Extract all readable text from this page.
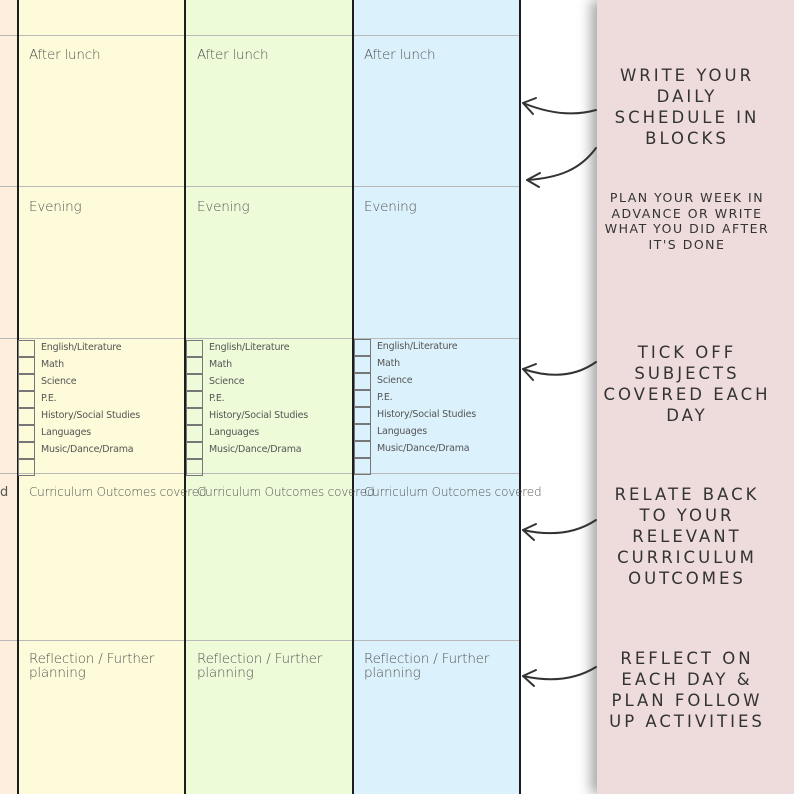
d
After lunch
Evening
Curriculum Outcomes covered
Reflection / Further
planning
After lunch
Evening
Curriculum Outcomes covered
Reflection / Further
planning
After lunch
Evening
Curriculum Outcomes covered
Reflection / Further
planning
English/Literature
Math
Science
P.E.
History/Social Studies
Languages
Music/Dance/Drama
English/Literature
Math
Science
P.E.
History/Social Studies
Languages
Music/Dance/Drama
English/Literature
Math
Science
P.E.
History/Social Studies
Languages
Music/Dance/Drama
WRITE YOUR DAILY SCHEDULE IN BLOCKS
PLAN YOUR WEEK IN ADVANCE OR WRITE WHAT YOU DID AFTER IT'S DONE
TICK OFF SUBJECTS COVERED EACH DAY
RELATE BACK TO YOUR RELEVANT CURRICULUM OUTCOMES
REFLECT ON EACH DAY & PLAN FOLLOW UP ACTIVITIES
